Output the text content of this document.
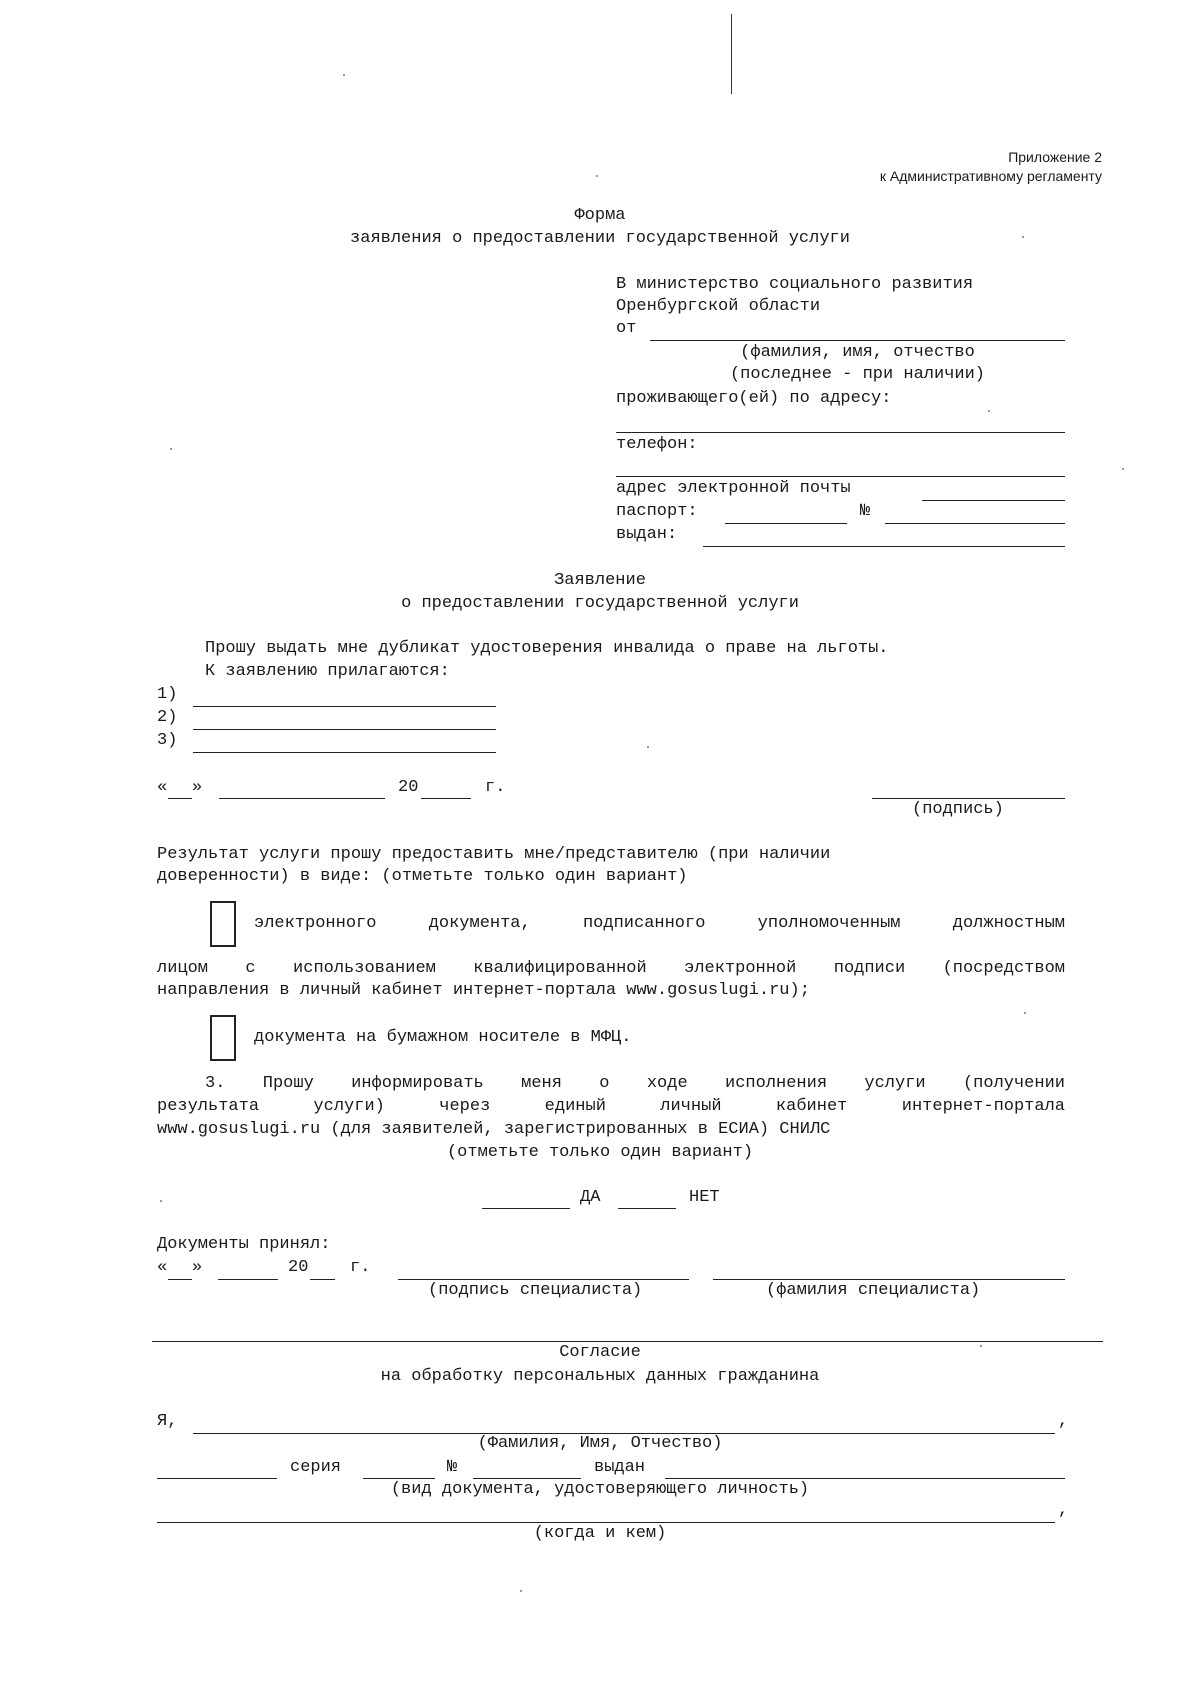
Приложение 2
к Административному регламенту
Форма
заявления о предоставлении государственной услуги
В министерство социального развития
Оренбургской области
от
(фамилия, имя, отчество
(последнее - при наличии)
проживающего(ей) по адресу:
телефон:
адрес электронной почты
паспорт:	№
выдан:
Заявление
о предоставлении государственной услуги
Прошу выдать мне дубликат удостоверения инвалида о праве на льготы.
К заявлению прилагаются:
1)
2)
3)
« »	20	г.
(подпись)
Результат услуги прошу предоставить мне/представителю (при наличии
доверенности) в виде: (отметьте только один вариант)
электронного документа, подписанного уполномоченным должностным
лицом с использованием квалифицированной электронной подписи (посредством
направления в личный кабинет интернет-портала www.gosuslugi.ru);
документа на бумажном носителе в МФЦ.
3. Прошу информировать меня о ходе исполнения услуги (получении
результата услуги) через единый личный кабинет интернет-портала
www.gosuslugi.ru (для заявителей, зарегистрированных в ЕСИА) СНИЛС
(отметьте только один вариант)
ДА	НЕТ
Документы принял:
« »	20 г.
(подпись специалиста)	(фамилия специалиста)
Согласие
на обработку персональных данных гражданина
Я,	,
(Фамилия, Имя, Отчество)
серия	№	выдан
(вид документа, удостоверяющего личность)
,
(когда и кем)
